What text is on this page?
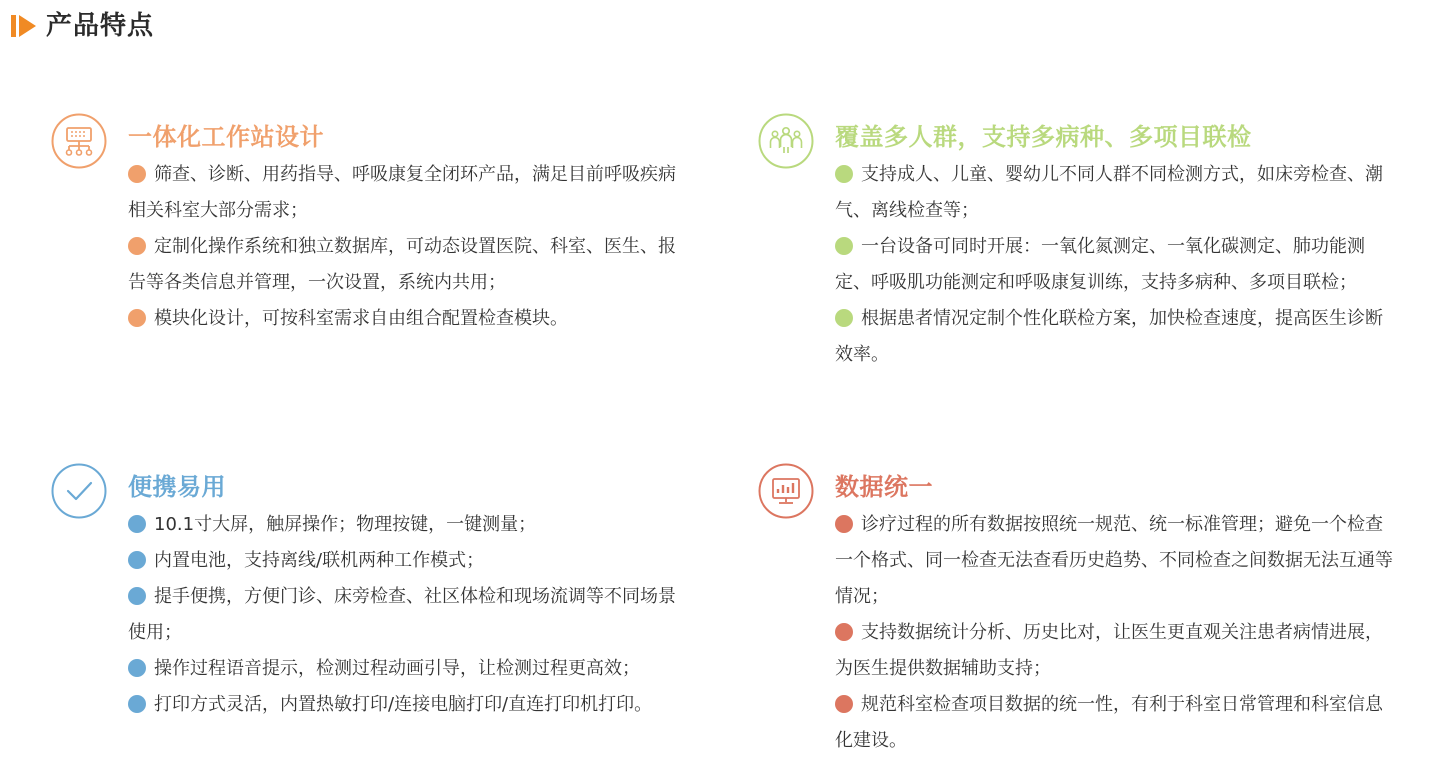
产品特点
一体化工作站设计
筛查、诊断、用药指导、呼吸康复全闭环产品，满足目前呼吸疾病相关科室大部分需求；
定制化操作系统和独立数据库，可动态设置医院、科室、医生、报告等各类信息并管理，一次设置，系统内共用；
模块化设计，可按科室需求自由组合配置检查模块。
覆盖多人群，支持多病种、多项目联检
支持成人、儿童、婴幼儿不同人群不同检测方式，如床旁检查、潮气、离线检查等；
一台设备可同时开展：一氧化氮测定、一氧化碳测定、肺功能测定、呼吸肌功能测定和呼吸康复训练，支持多病种、多项目联检；
根据患者情况定制个性化联检方案，加快检查速度，提高医生诊断效率。
便携易用
10.1寸大屏，触屏操作；物理按键，一键测量；
内置电池，支持离线/联机两种工作模式；
提手便携，方便门诊、床旁检查、社区体检和现场流调等不同场景使用；
操作过程语音提示，检测过程动画引导，让检测过程更高效；
打印方式灵活，内置热敏打印/连接电脑打印/直连打印机打印。
数据统一
诊疗过程的所有数据按照统一规范、统一标准管理；避免一个检查一个格式、同一检查无法查看历史趋势、不同检查之间数据无法互通等情况；
支持数据统计分析、历史比对，让医生更直观关注患者病情进展，为医生提供数据辅助支持；
规范科室检查项目数据的统一性，有利于科室日常管理和科室信息化建设。
